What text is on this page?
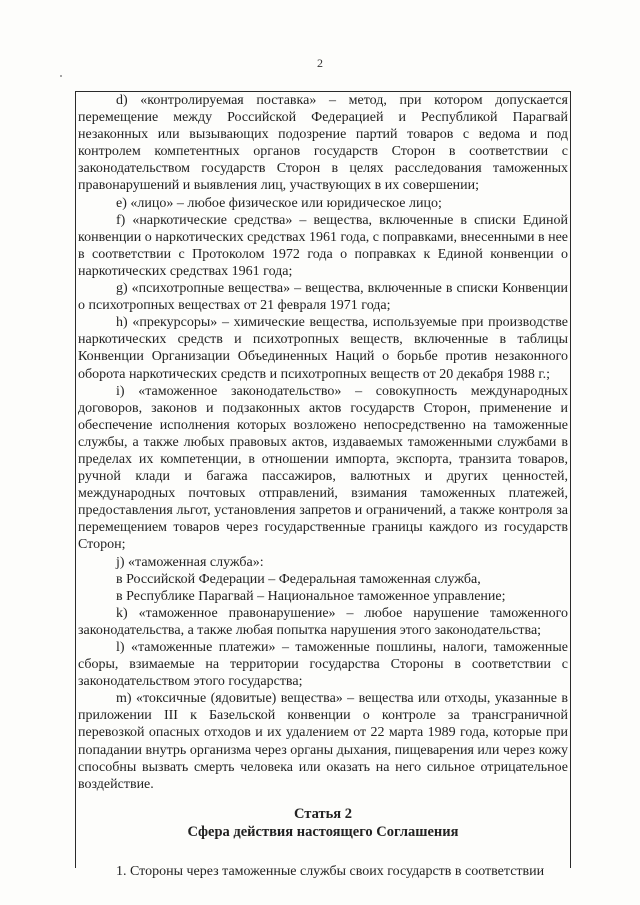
2

d) «контролируемая поставка» – метод, при котором допускается перемещение между Российской Федерацией и Республикой Парагвай незаконных или вызывающих подозрение партий товаров с ведома и под контролем компетентных органов государств Сторон в соответствии с законодательством государств Сторон в целях расследования таможенных правонарушений и выявления лиц, участвующих в их совершении;

e) «лицо» – любое физическое или юридическое лицо;

f) «наркотические средства» – вещества, включенные в списки Единой конвенции о наркотических средствах 1961 года, с поправками, внесенными в нее в соответствии с Протоколом 1972 года о поправках к Единой конвенции о наркотических средствах 1961 года;

g) «психотропные вещества» – вещества, включенные в списки Конвенции о психотропных веществах от 21 февраля 1971 года;

h) «прекурсоры» – химические вещества, используемые при производстве наркотических средств и психотропных веществ, включенные в таблицы Конвенции Организации Объединенных Наций о борьбе против незаконного оборота наркотических средств и психотропных веществ от 20 декабря 1988 г.;

i) «таможенное законодательство» – совокупность международных договоров, законов и подзаконных актов государств Сторон, применение и обеспечение исполнения которых возложено непосредственно на таможенные службы, а также любых правовых актов, издаваемых таможенными службами в пределах их компетенции, в отношении импорта, экспорта, транзита товаров, ручной клади и багажа пассажиров, валютных и других ценностей, международных почтовых отправлений, взимания таможенных платежей, предоставления льгот, установления запретов и ограничений, а также контроля за перемещением товаров через государственные границы каждого из государств Сторон;

j) «таможенная служба»:

в Российской Федерации – Федеральная таможенная служба,

в Республике Парагвай – Национальное таможенное управление;

k) «таможенное правонарушение» – любое нарушение таможенного законодательства, а также любая попытка нарушения этого законодательства;

l) «таможенные платежи» – таможенные пошлины, налоги, таможенные сборы, взимаемые на территории государства Стороны в соответствии с законодательством этого государства;

m) «токсичные (ядовитые) вещества» – вещества или отходы, указанные в приложении III к Базельской конвенции о контроле за трансграничной перевозкой опасных отходов и их удалением от 22 марта 1989 года, которые при попадании внутрь организма через органы дыхания, пищеварения или через кожу способны вызвать смерть человека или оказать на него сильное отрицательное воздействие.

Статья 2
Сфера действия настоящего Соглашения

1. Стороны через таможенные службы своих государств в соответствии
